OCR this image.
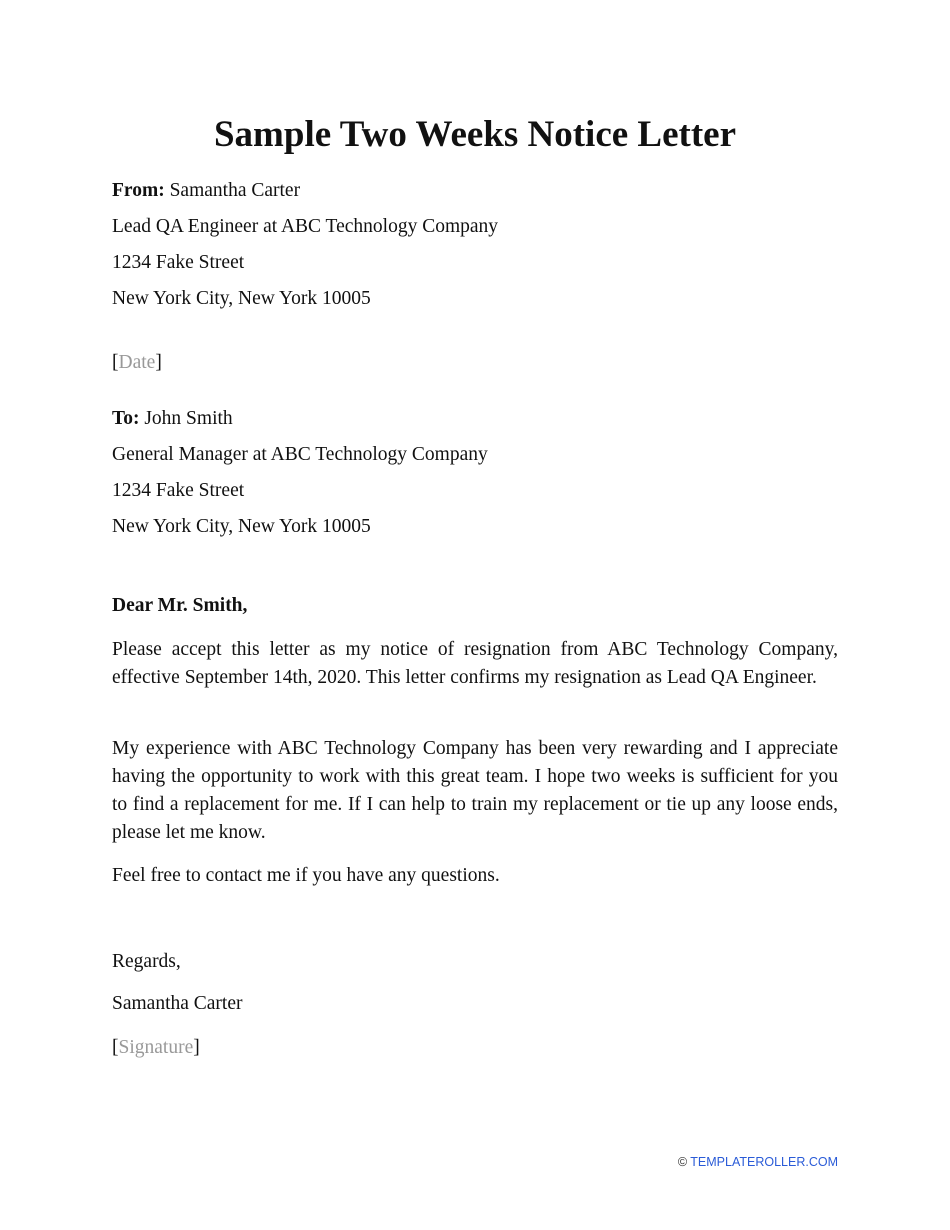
Sample Two Weeks Notice Letter
From: Samantha Carter
Lead QA Engineer at ABC Technology Company
1234 Fake Street
New York City, New York 10005
[Date]
To: John Smith
General Manager at ABC Technology Company
1234 Fake Street
New York City, New York 10005
Dear Mr. Smith,

Please accept this letter as my notice of resignation from ABC Technology Company, effective September 14th, 2020. This letter confirms my resignation as Lead QA Engineer.

My experience with ABC Technology Company has been very rewarding and I appreciate having the opportunity to work with this great team. I hope two weeks is sufficient for you to find a replacement for me. If I can help to train my replacement or tie up any loose ends, please let me know.

Feel free to contact me if you have any questions.

Regards,
Samantha Carter
[Signature]
© TEMPLATEROLLER.COM
